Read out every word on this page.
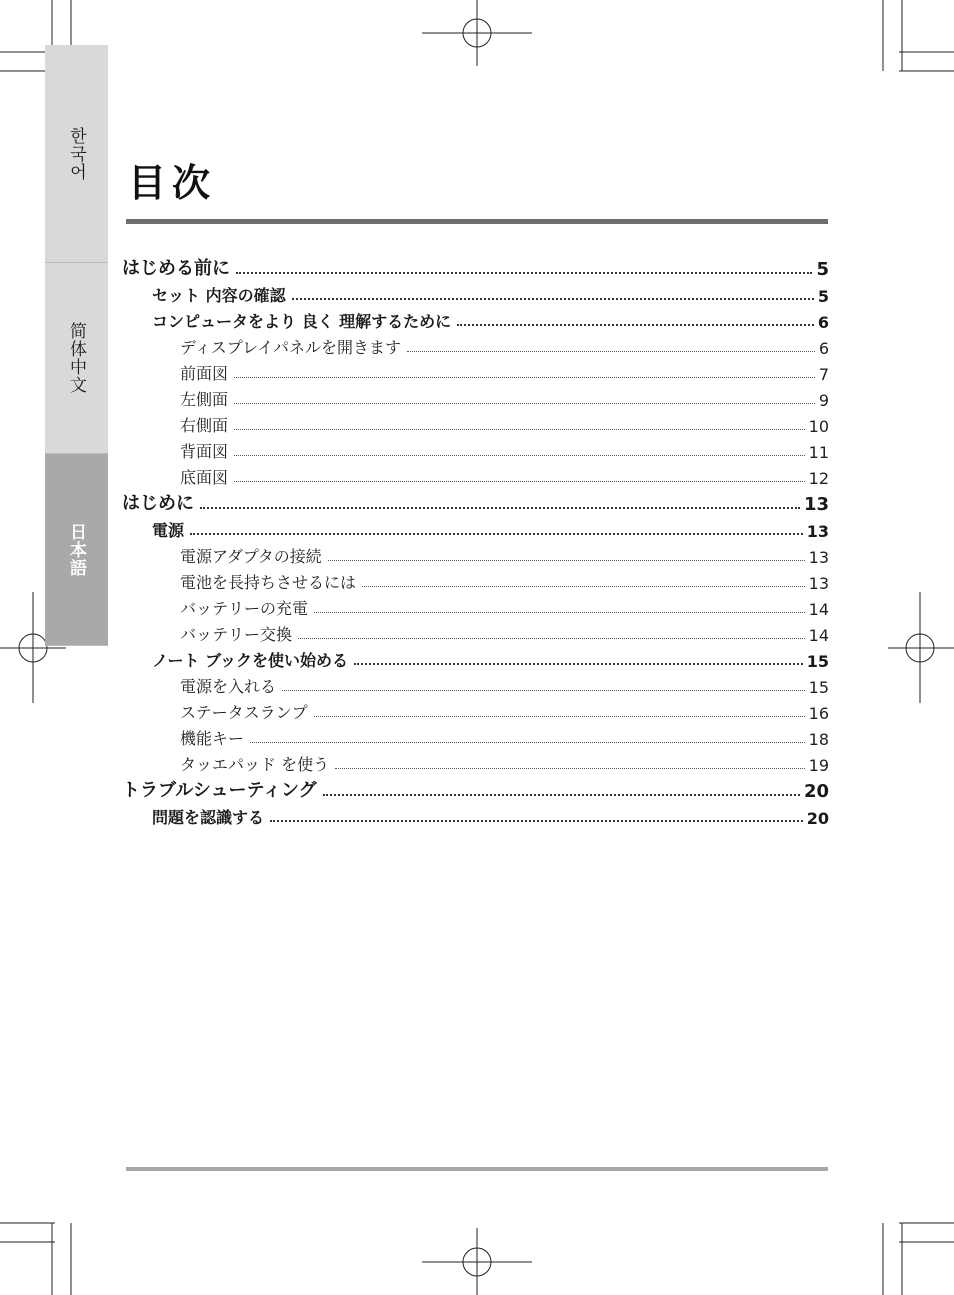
한국어
简体中文
日本語
目次
はじめる前に	5
セット 内容の確認	5
コンピュータをより 良く 理解するために	6
ディスプレイパネルを開きます	6
前面図	7
左側面	9
右側面	10
背面図	11
底面図	12
はじめに	13
電源	13
電源アダプタの接続	13
電池を長持ちさせるには	13
バッテリーの充電	14
バッテリー交換	14
ノート ブックを使い始める	15
電源を入れる	15
ステータスランプ	16
機能キー	18
タッエパッド を使う	19
トラブルシューティング	20
問題を認識する	20
